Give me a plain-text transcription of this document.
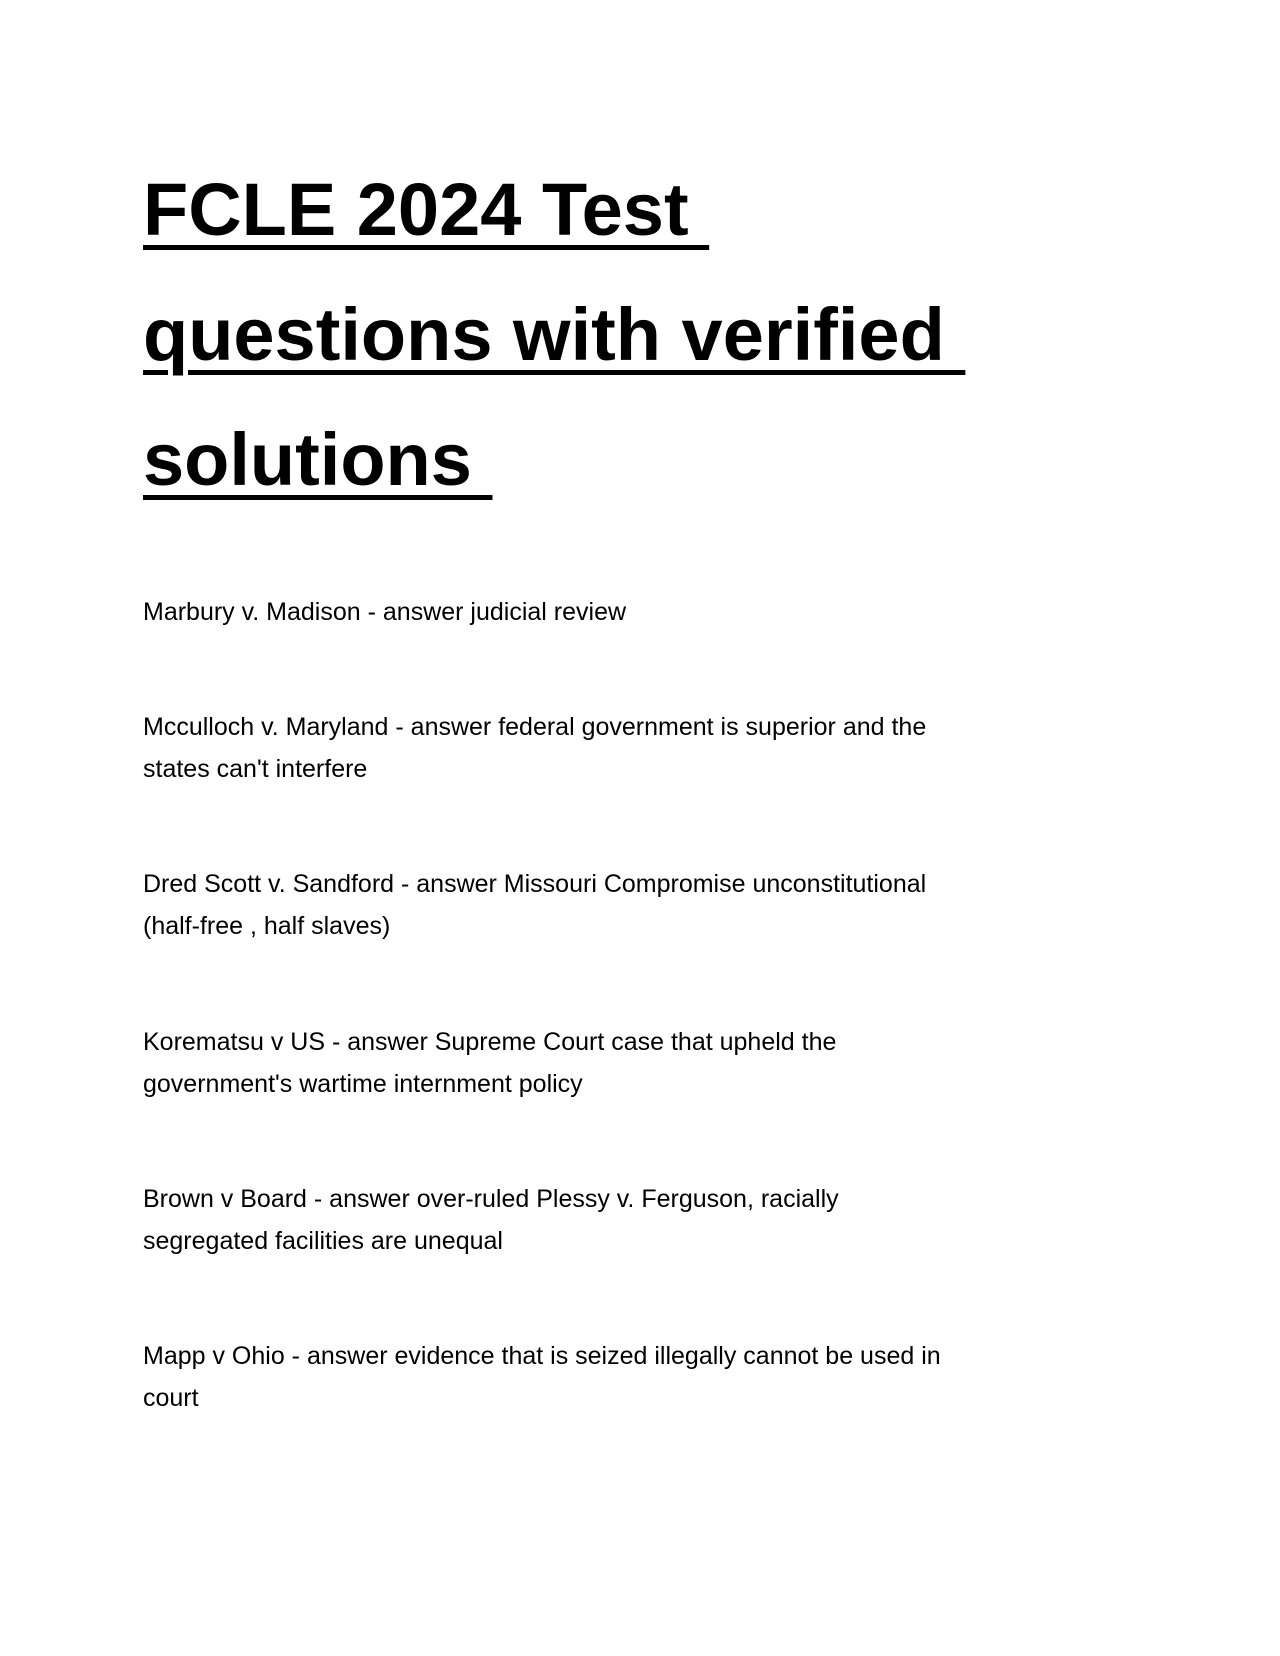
FCLE 2024 Test
questions with verified
solutions
Marbury v. Madison - answer judicial review
Mcculloch v. Maryland - answer federal government is superior and the
states can't interfere
Dred Scott v. Sandford - answer Missouri Compromise unconstitutional
(half-free , half slaves)
Korematsu v US - answer Supreme Court case that upheld the
government's wartime internment policy
Brown v Board - answer over-ruled Plessy v. Ferguson, racially
segregated facilities are unequal
Mapp v Ohio - answer evidence that is seized illegally cannot be used in
court
